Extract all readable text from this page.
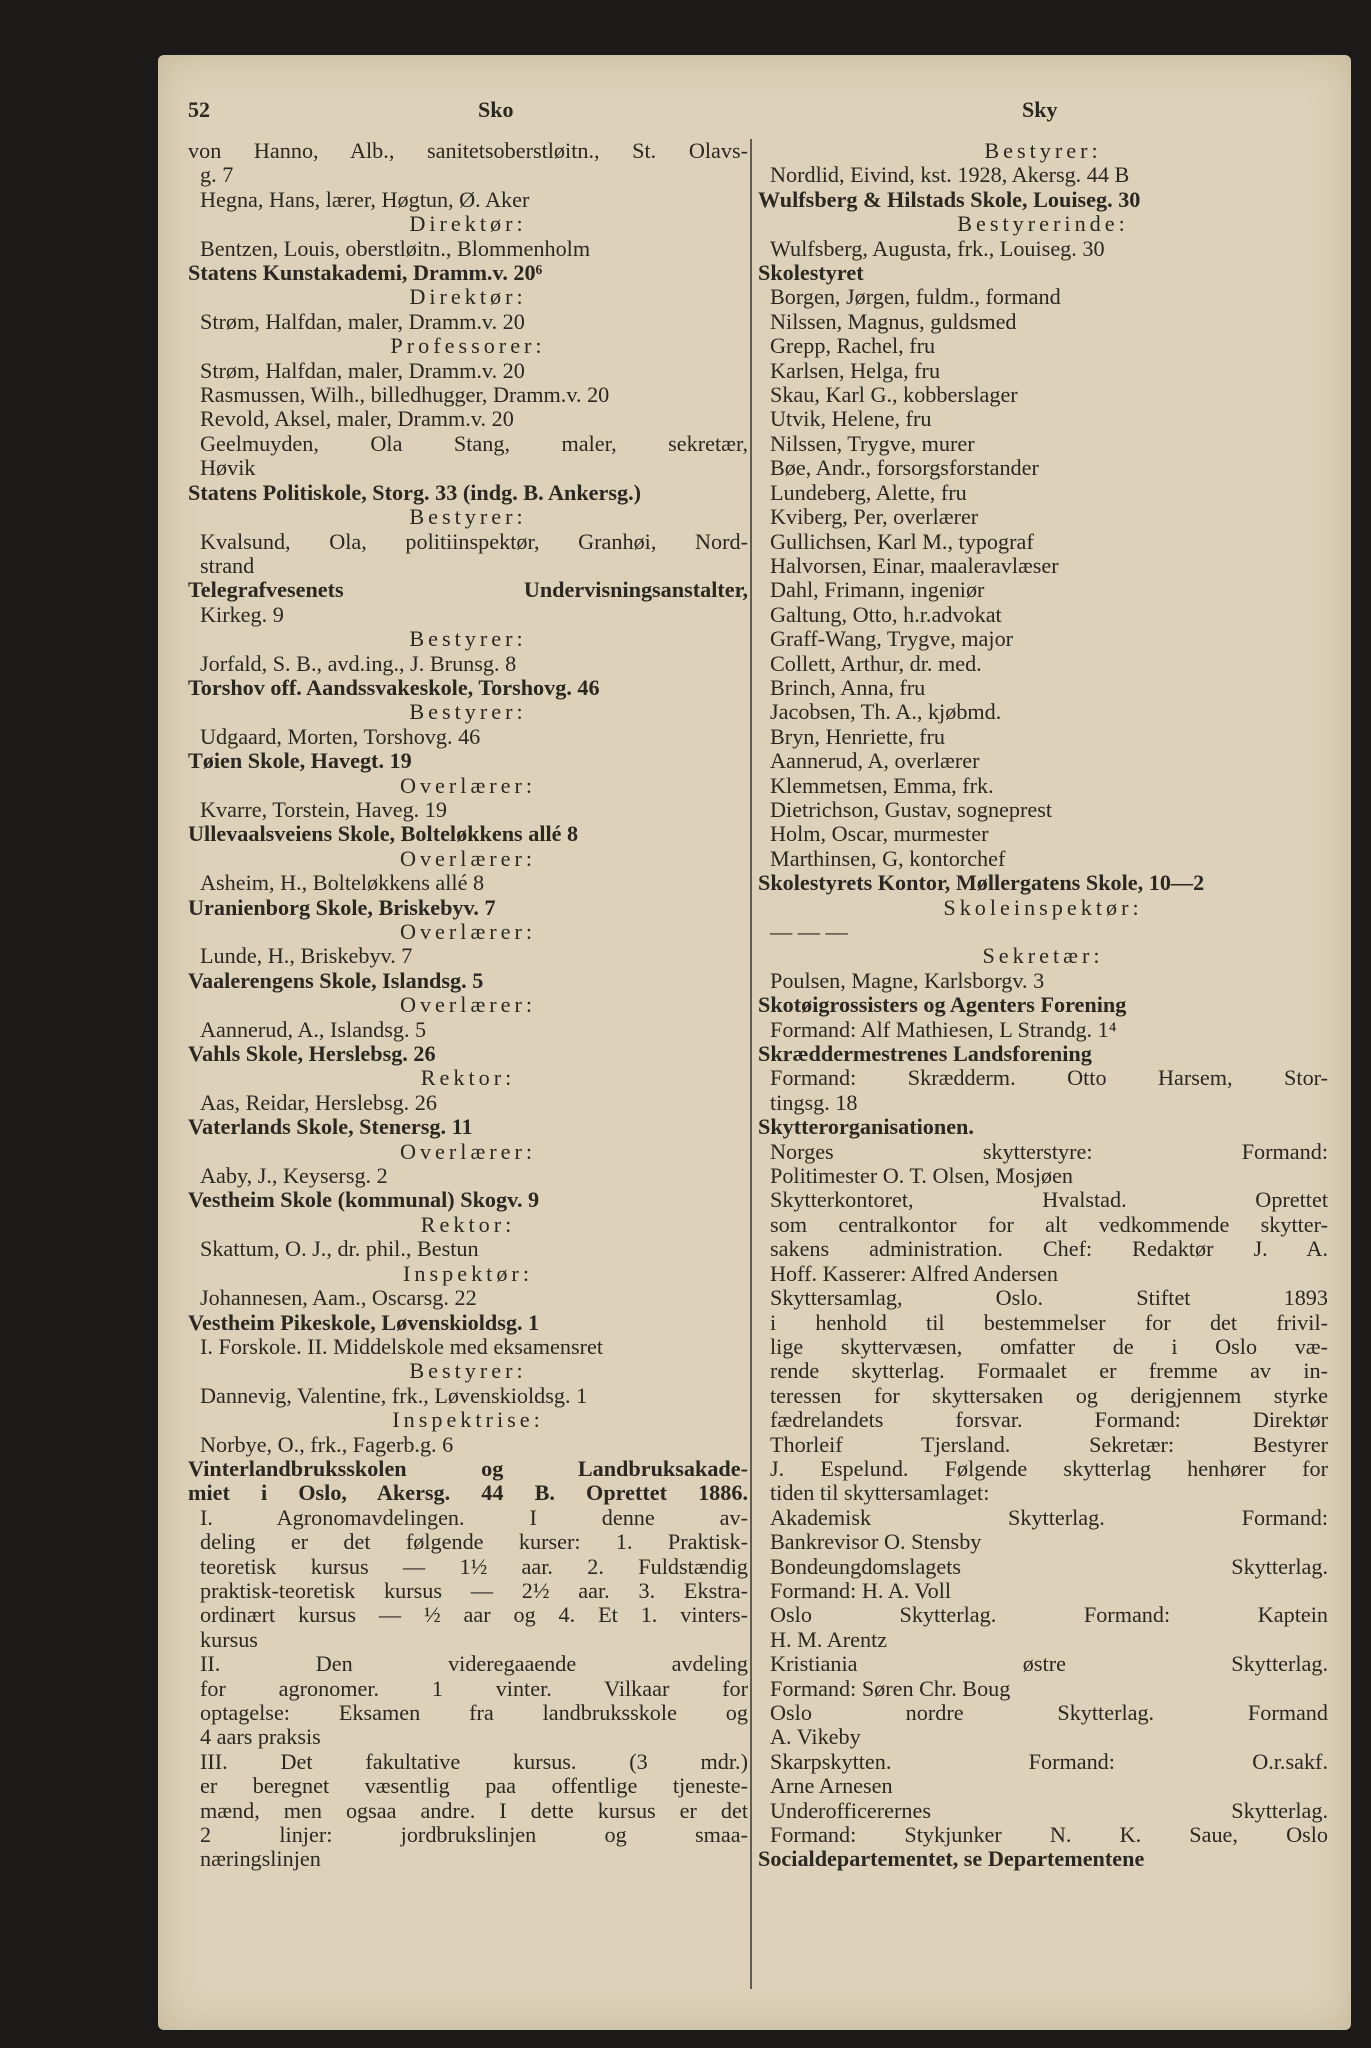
52	Sko	Sky
von Hanno, Alb., sanitetsoberstløitn., St. Olavs-
g. 7
Hegna, Hans, lærer, Høgtun, Ø. Aker
Direktør:
Bentzen, Louis, oberstløitn., Blommenholm
Statens Kunstakademi, Dramm.v. 20⁶
Direktør:
Strøm, Halfdan, maler, Dramm.v. 20
Professorer:
Strøm, Halfdan, maler, Dramm.v. 20
Rasmussen, Wilh., billedhugger, Dramm.v. 20
Revold, Aksel, maler, Dramm.v. 20
Geelmuyden, Ola Stang, maler, sekretær,
Høvik
Statens Politiskole, Storg. 33 (indg. B. Ankersg.)
Bestyrer:
Kvalsund, Ola, politiinspektør, Granhøi, Nord-
strand
Telegrafvesenets Undervisningsanstalter,
Kirkeg. 9
Bestyrer:
Jorfald, S. B., avd.ing., J. Brunsg. 8
Torshov off. Aandssvakeskole, Torshovg. 46
Bestyrer:
Udgaard, Morten, Torshovg. 46
Tøien Skole, Havegt. 19
Overlærer:
Kvarre, Torstein, Haveg. 19
Ullevaalsveiens Skole, Bolteløkkens allé 8
Overlærer:
Asheim, H., Bolteløkkens allé 8
Uranienborg Skole, Briskebyv. 7
Overlærer:
Lunde, H., Briskebyv. 7
Vaalerengens Skole, Islandsg. 5
Overlærer:
Aannerud, A., Islandsg. 5
Vahls Skole, Herslebsg. 26
Rektor:
Aas, Reidar, Herslebsg. 26
Vaterlands Skole, Stenersg. 11
Overlærer:
Aaby, J., Keysersg. 2
Vestheim Skole (kommunal) Skogv. 9
Rektor:
Skattum, O. J., dr. phil., Bestun
Inspektør:
Johannesen, Aam., Oscarsg. 22
Vestheim Pikeskole, Løvenskioldsg. 1
I. Forskole. II. Middelskole med eksamensret
Bestyrer:
Dannevig, Valentine, frk., Løvenskioldsg. 1
Inspektrise:
Norbye, O., frk., Fagerb.g. 6
Vinterlandbruksskolen og Landbruksakade-
miet i Oslo, Akersg. 44 B. Oprettet 1886.
I. Agronomavdelingen. I denne av-
deling er det følgende kurser: 1. Praktisk-
teoretisk kursus — 1½ aar. 2. Fuldstændig
praktisk-teoretisk kursus — 2½ aar. 3. Ekstra-
ordinært kursus — ½ aar og 4. Et 1. vinters-
kursus
II. Den videregaaende avdeling
for agronomer. 1 vinter. Vilkaar for
optagelse: Eksamen fra landbruksskole og
4 aars praksis
III. Det fakultative kursus. (3 mdr.)
er beregnet væsentlig paa offentlige tjeneste-
mænd, men ogsaa andre. I dette kursus er det
2 linjer: jordbrukslinjen og smaa-
næringslinjen
Bestyrer:
Nordlid, Eivind, kst. 1928, Akersg. 44 B
Wulfsberg & Hilstads Skole, Louiseg. 30
Bestyrerinde:
Wulfsberg, Augusta, frk., Louiseg. 30
Skolestyret
Borgen, Jørgen, fuldm., formand
Nilssen, Magnus, guldsmed
Grepp, Rachel, fru
Karlsen, Helga, fru
Skau, Karl G., kobberslager
Utvik, Helene, fru
Nilssen, Trygve, murer
Bøe, Andr., forsorgsforstander
Lundeberg, Alette, fru
Kviberg, Per, overlærer
Gullichsen, Karl M., typograf
Halvorsen, Einar, maaleravlæser
Dahl, Frimann, ingeniør
Galtung, Otto, h.r.advokat
Graff-Wang, Trygve, major
Collett, Arthur, dr. med.
Brinch, Anna, fru
Jacobsen, Th. A., kjøbmd.
Bryn, Henriette, fru
Aannerud, A, overlærer
Klemmetsen, Emma, frk.
Dietrichson, Gustav, sogneprest
Holm, Oscar, murmester
Marthinsen, G, kontorchef
Skolestyrets Kontor, Møllergatens Skole, 10—2
Skoleinspektør:
— — —
Sekretær:
Poulsen, Magne, Karlsborgv. 3
Skotøigrossisters og Agenters Forening
Formand: Alf Mathiesen, L Strandg. 1⁴
Skræddermestrenes Landsforening
Formand: Skrædderm. Otto Harsem, Stor-
tingsg. 18
Skytterorganisationen.
Norges skytterstyre: Formand:
Politimester O. T. Olsen, Mosjøen
Skytterkontoret, Hvalstad. Oprettet
som centralkontor for alt vedkommende skytter-
sakens administration. Chef: Redaktør J. A.
Hoff. Kasserer: Alfred Andersen
Skyttersamlag, Oslo. Stiftet 1893
i henhold til bestemmelser for det frivil-
lige skyttervæsen, omfatter de i Oslo væ-
rende skytterlag. Formaalet er fremme av in-
teressen for skyttersaken og derigjennem styrke
fædrelandets forsvar. Formand: Direktør
Thorleif Tjersland. Sekretær: Bestyrer
J. Espelund. Følgende skytterlag henhører for
tiden til skyttersamlaget:
Akademisk Skytterlag. Formand:
Bankrevisor O. Stensby
Bondeungdomslagets Skytterlag.
Formand: H. A. Voll
Oslo Skytterlag. Formand: Kaptein
H. M. Arentz
Kristiania østre Skytterlag.
Formand: Søren Chr. Boug
Oslo nordre Skytterlag. Formand
A. Vikeby
Skarpskytten. Formand: O.r.sakf.
Arne Arnesen
Underofficerernes Skytterlag.
Formand: Stykjunker N. K. Saue, Oslo
Socialdepartementet, se Departementene
